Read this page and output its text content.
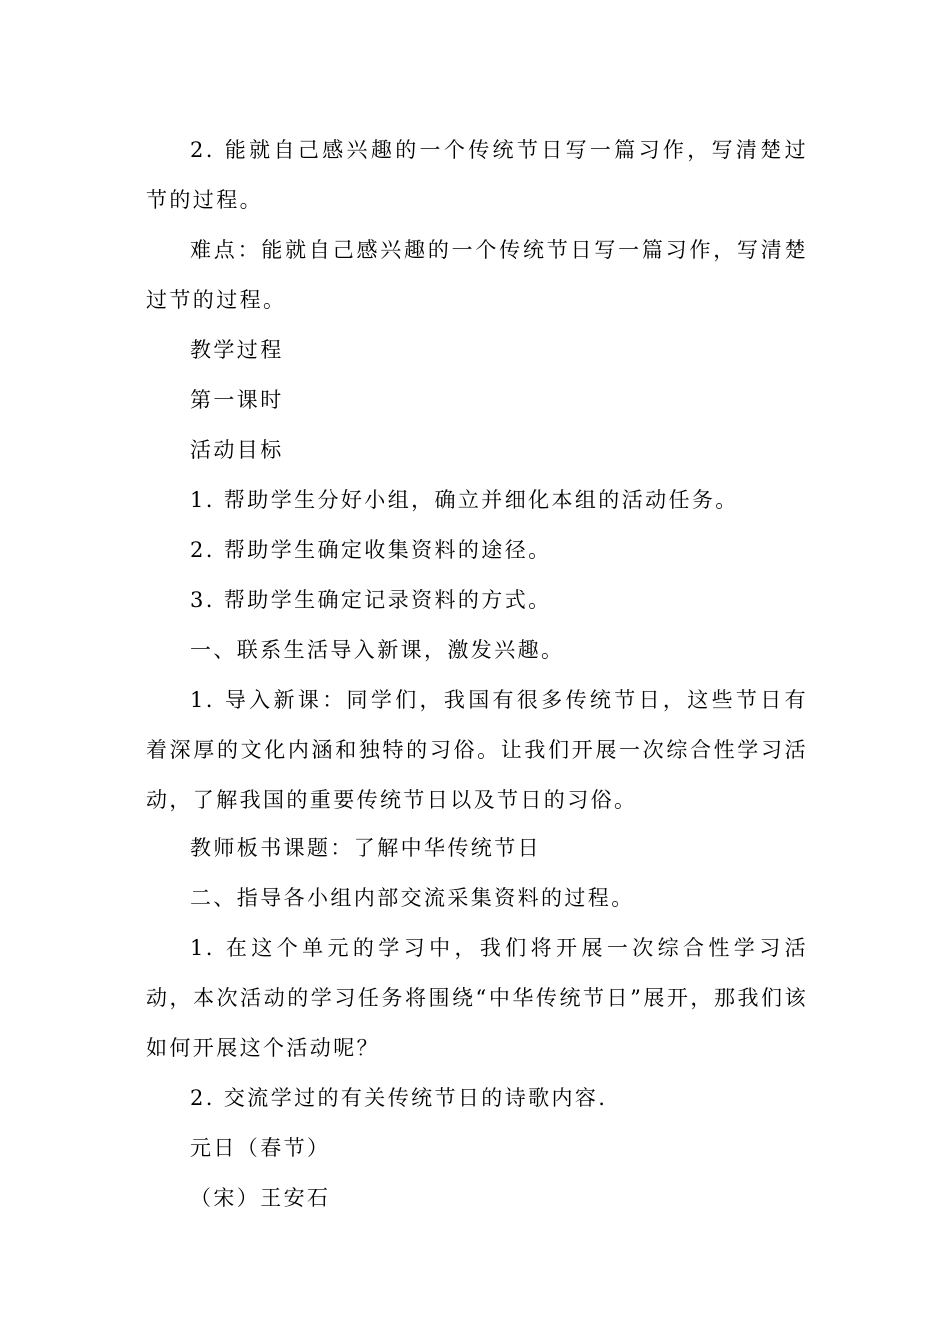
2. 能就自己感兴趣的一个传统节日写一篇习作，写清楚过节的过程。

难点：能就自己感兴趣的一个传统节日写一篇习作，写清楚过节的过程。

教学过程

第一课时

活动目标

1. 帮助学生分好小组，确立并细化本组的活动任务。

2. 帮助学生确定收集资料的途径。

3. 帮助学生确定记录资料的方式。

一、联系生活导入新课，激发兴趣。

1. 导入新课：同学们，我国有很多传统节日，这些节日有着深厚的文化内涵和独特的习俗。让我们开展一次综合性学习活动，了解我国的重要传统节日以及节日的习俗。

教师板书课题：了解中华传统节日

二、指导各小组内部交流采集资料的过程。

1. 在这个单元的学习中，我们将开展一次综合性学习活动，本次活动的学习任务将围绕“中华传统节日”展开，那我们该如何开展这个活动呢？

2. 交流学过的有关传统节日的诗歌内容.

元日（春节）

（宋）王安石
